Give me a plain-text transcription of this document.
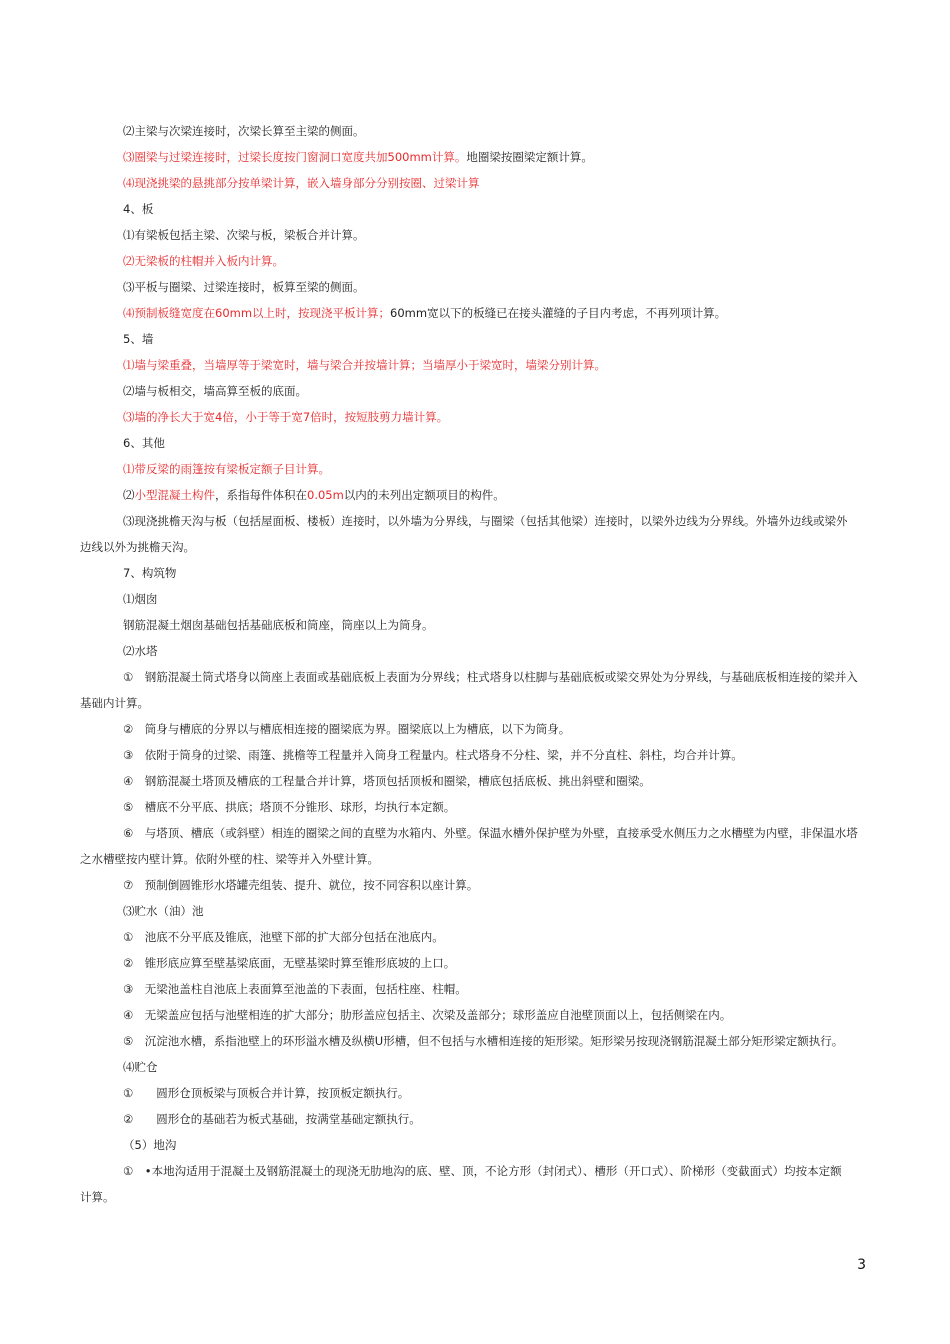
⑵主梁与次梁连接时，次梁长算至主梁的侧面。

⑶圈梁与过梁连接时，过梁长度按门窗洞口宽度共加500mm计算。地圈梁按圈梁定额计算。

⑷现浇挑梁的悬挑部分按单梁计算，嵌入墙身部分分别按圈、过梁计算

4、板

⑴有梁板包括主梁、次梁与板，梁板合并计算。

⑵无梁板的柱帽并入板内计算。

⑶平板与圈梁、过梁连接时，板算至梁的侧面。

⑷预制板缝宽度在60mm以上时，按现浇平板计算；60mm宽以下的板缝已在接头灌缝的子目内考虑，不再列项计算。

5、墙

⑴墙与梁重叠，当墙厚等于梁宽时，墙与梁合并按墙计算；当墙厚小于梁宽时，墙梁分别计算。

⑵墙与板相交，墙高算至板的底面。

⑶墙的净长大于宽4倍，小于等于宽7倍时，按短肢剪力墙计算。

6、其他

⑴带反梁的雨篷按有梁板定额子目计算。

⑵小型混凝土构件，系指每件体积在0.05m以内的未列出定额项目的构件。

⑶现浇挑檐天沟与板（包括屋面板、楼板）连接时，以外墙为分界线，与圈梁（包括其他梁）连接时，以梁外边线为分界线。外墙外边线或梁外

边线以外为挑檐天沟。

7、构筑物

⑴烟囱

钢筋混凝土烟囱基础包括基础底板和筒座，筒座以上为筒身。

⑵水塔

①　钢筋混凝土筒式塔身以筒座上表面或基础底板上表面为分界线；柱式塔身以柱脚与基础底板或梁交界处为分界线，与基础底板相连接的梁并入

基础内计算。

②　筒身与槽底的分界以与槽底相连接的圈梁底为界。圈梁底以上为槽底，以下为筒身。

③　依附于筒身的过梁、雨篷、挑檐等工程量并入筒身工程量内。柱式塔身不分柱、梁，并不分直柱、斜柱，均合并计算。

④　钢筋混凝土塔顶及槽底的工程量合并计算，塔顶包括顶板和圈梁，槽底包括底板、挑出斜壁和圈梁。

⑤　槽底不分平底、拱底；塔顶不分锥形、球形，均执行本定额。

⑥　与塔顶、槽底（或斜壁）相连的圈梁之间的直壁为水箱内、外壁。保温水槽外保护壁为外壁，直接承受水侧压力之水槽壁为内壁，非保温水塔

之水槽壁按内壁计算。依附外壁的柱、梁等并入外壁计算。

⑦　预制倒圆锥形水塔罐壳组装、提升、就位，按不同容积以座计算。

⑶贮水（油）池

①　池底不分平底及锥底，池壁下部的扩大部分包括在池底内。

②　锥形底应算至壁基梁底面，无壁基梁时算至锥形底坡的上口。

③　无梁池盖柱自池底上表面算至池盖的下表面，包括柱座、柱帽。

④　无梁盖应包括与池壁相连的扩大部分；肋形盖应包括主、次梁及盖部分；球形盖应自池壁顶面以上，包括侧梁在内。

⑤　沉淀池水槽，系指池壁上的环形溢水槽及纵横U形槽，但不包括与水槽相连接的矩形梁。矩形梁另按现浇钢筋混凝土部分矩形梁定额执行。

⑷贮仓

①　　圆形仓顶板梁与顶板合并计算，按顶板定额执行。

②　　圆形仓的基础若为板式基础，按满堂基础定额执行。

（5）地沟

①　•本地沟适用于混凝土及钢筋混凝土的现浇无肋地沟的底、壁、顶，不论方形（封闭式）、槽形（开口式）、阶梯形（变截面式）均按本定额

计算。

3
